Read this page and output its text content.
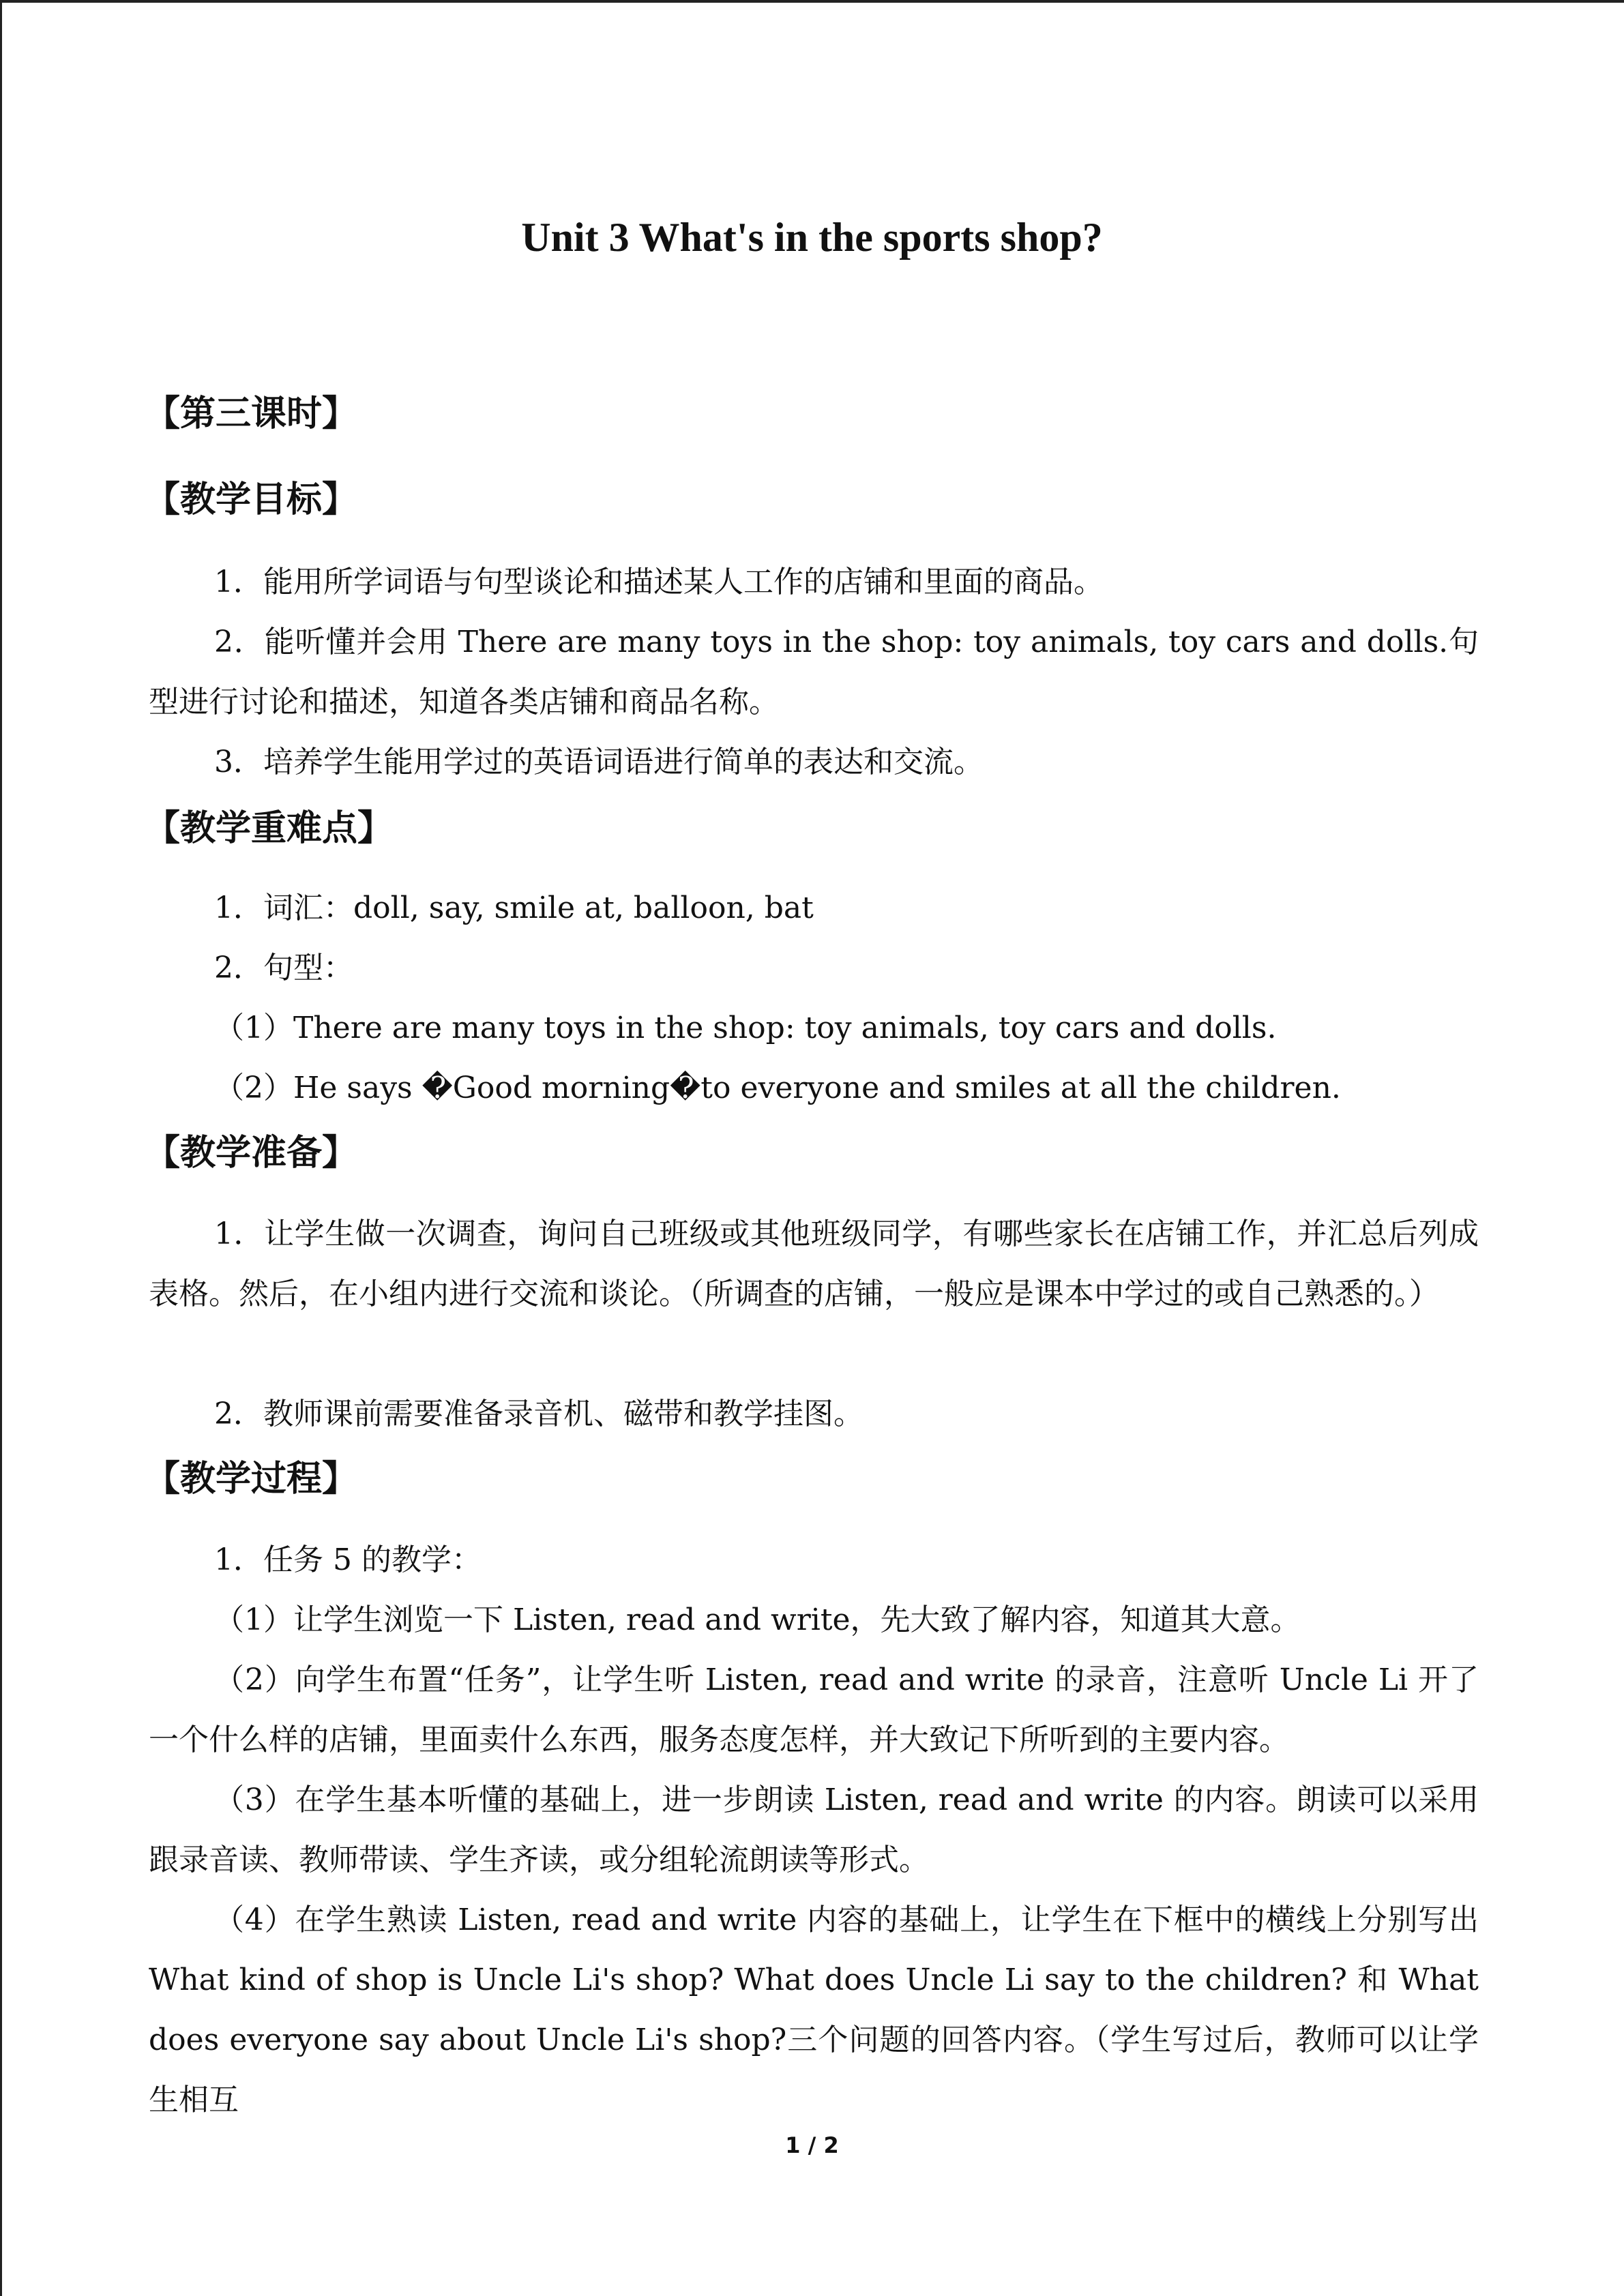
Unit 3 What's in the sports shop?
【第三课时】
【教学目标】
1．能用所学词语与句型谈论和描述某人工作的店铺和里面的商品。
2．能听懂并会用 There are many toys in the shop: toy animals, toy cars and dolls.句型进行讨论和描述，知道各类店铺和商品名称。
3．培养学生能用学过的英语词语进行简单的表达和交流。
【教学重难点】
1．词汇：doll, say, smile at, balloon, bat
2．句型：
（1）There are many toys in the shop: toy animals, toy cars and dolls.
（2）He says �Good morning�to everyone and smiles at all the children.
【教学准备】
1．让学生做一次调查，询问自己班级或其他班级同学，有哪些家长在店铺工作，并汇总后列成表格。然后，在小组内进行交流和谈论。（所调查的店铺，一般应是课本中学过的或自己熟悉的。）
2．教师课前需要准备录音机、磁带和教学挂图。
【教学过程】
1．任务 5 的教学：
（1）让学生浏览一下 Listen, read and write，先大致了解内容，知道其大意。
（2）向学生布置“任务”，让学生听 Listen, read and write 的录音，注意听 Uncle Li 开了一个什么样的店铺，里面卖什么东西，服务态度怎样，并大致记下所听到的主要内容。
（3）在学生基本听懂的基础上，进一步朗读 Listen, read and write 的内容。朗读可以采用跟录音读、教师带读、学生齐读，或分组轮流朗读等形式。
（4）在学生熟读 Listen, read and write 内容的基础上，让学生在下框中的横线上分别写出 What kind of shop is Uncle Li's shop? What does Uncle Li say to the children? 和 What does everyone say about Uncle Li's shop?三个问题的回答内容。（学生写过后，教师可以让学生相互
1 / 2
